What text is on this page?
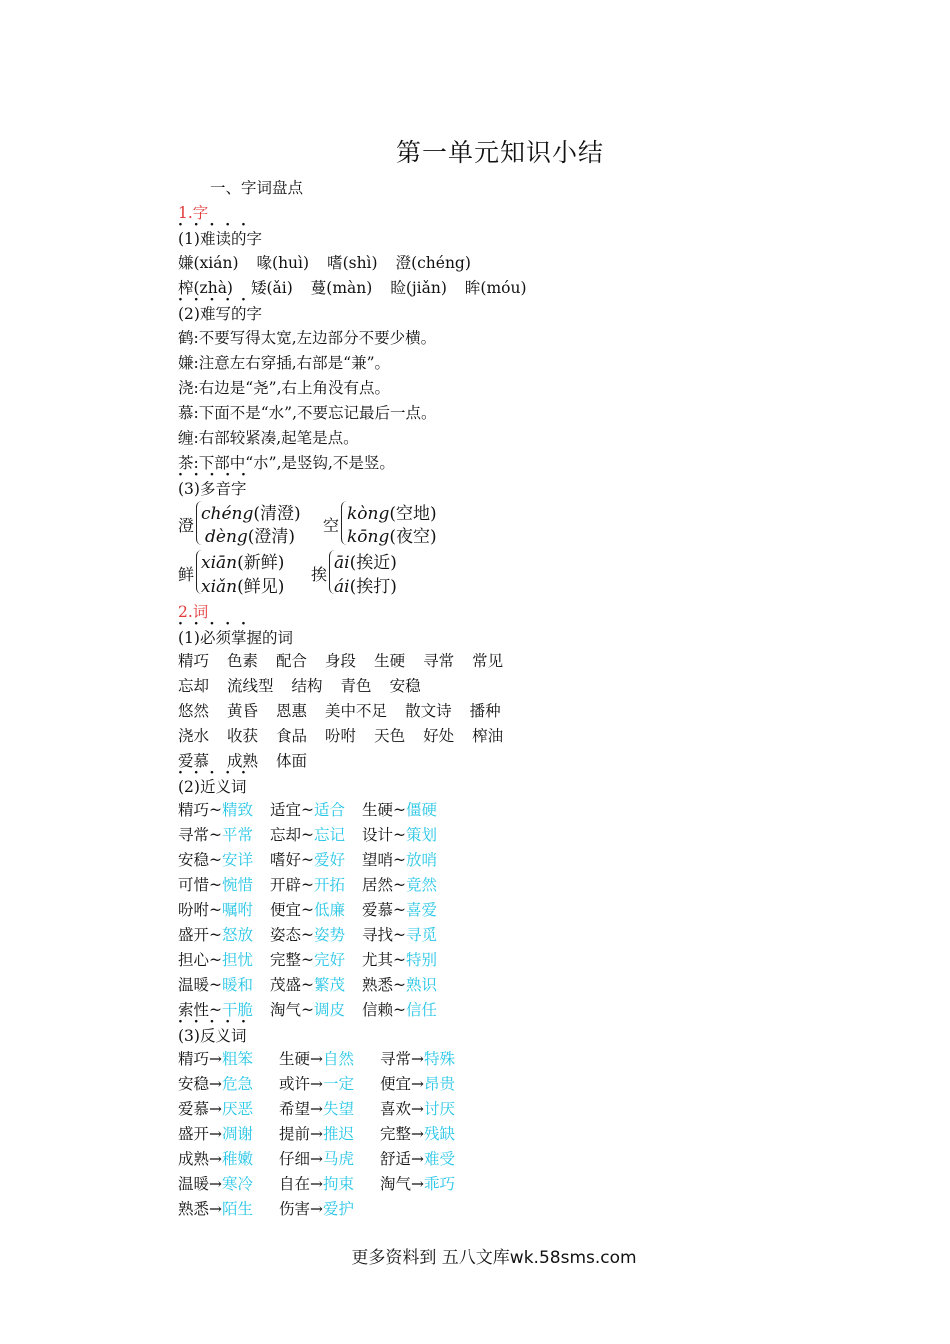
第一单元知识小结
一、字词盘点
1.字
· · · (1)难读的字
嫌(xián) 喙(huì) 嗜(shì) 澄(chéng)
榨(zhà) 矮(ǎi) 蔓(màn) 睑(jiǎn) 眸(móu)
· · · (2)难写的字
鹤:不要写得太宽,左边部分不要少横。
嫌:注意左右穿插,右部是“兼”。
浇:右边是“尧”,右上角没有点。
慕:下面不是“水”,不要忘记最后一点。
缠:右部较紧凑,起笔是点。
茶:下部中“朩”,是竖钩,不是竖。
· · · (3)多音字
澄
chéng(清澄)
dèng(澄清)
空
kòng(空地)
kōng(夜空)
鲜
xiān(新鲜)
xiǎn(鲜见)
挨
āi(挨近)
ái(挨打)
2.词
· · · (1)必须掌握的词
精巧 色素 配合 身段 生硬 寻常 常见
忘却 流线型 结构 青色 安稳
悠然 黄昏 恩惠 美中不足 散文诗 播种
浇水 收获 食品 吩咐 天色 好处 榨油
爱慕 成熟 体面
· · · (2)近义词
精巧~精致 适宜~适合 生硬~僵硬
寻常~平常 忘却~忘记 设计~策划
安稳~安详 嗜好~爱好 望哨~放哨
可惜~惋惜 开辟~开拓 居然~竟然
吩咐~嘱咐 便宜~低廉 爱慕~喜爱
盛开~怒放 姿态~姿势 寻找~寻觅
担心~担忧 完整~完好 尤其~特别
温暖~暖和 茂盛~繁茂 熟悉~熟识
索性~干脆 淘气~调皮 信赖~信任
· · · (3)反义词
精巧→粗笨 生硬→自然 寻常→特殊
安稳→危急 或许→一定 便宜→昂贵
爱慕→厌恶 希望→失望 喜欢→讨厌
盛开→凋谢 提前→推迟 完整→残缺
成熟→稚嫩 仔细→马虎 舒适→难受
温暖→寒冷 自在→拘束 淘气→乖巧
熟悉→陌生 伤害→爱护
更多资料到 五八文库wk.58sms.com
